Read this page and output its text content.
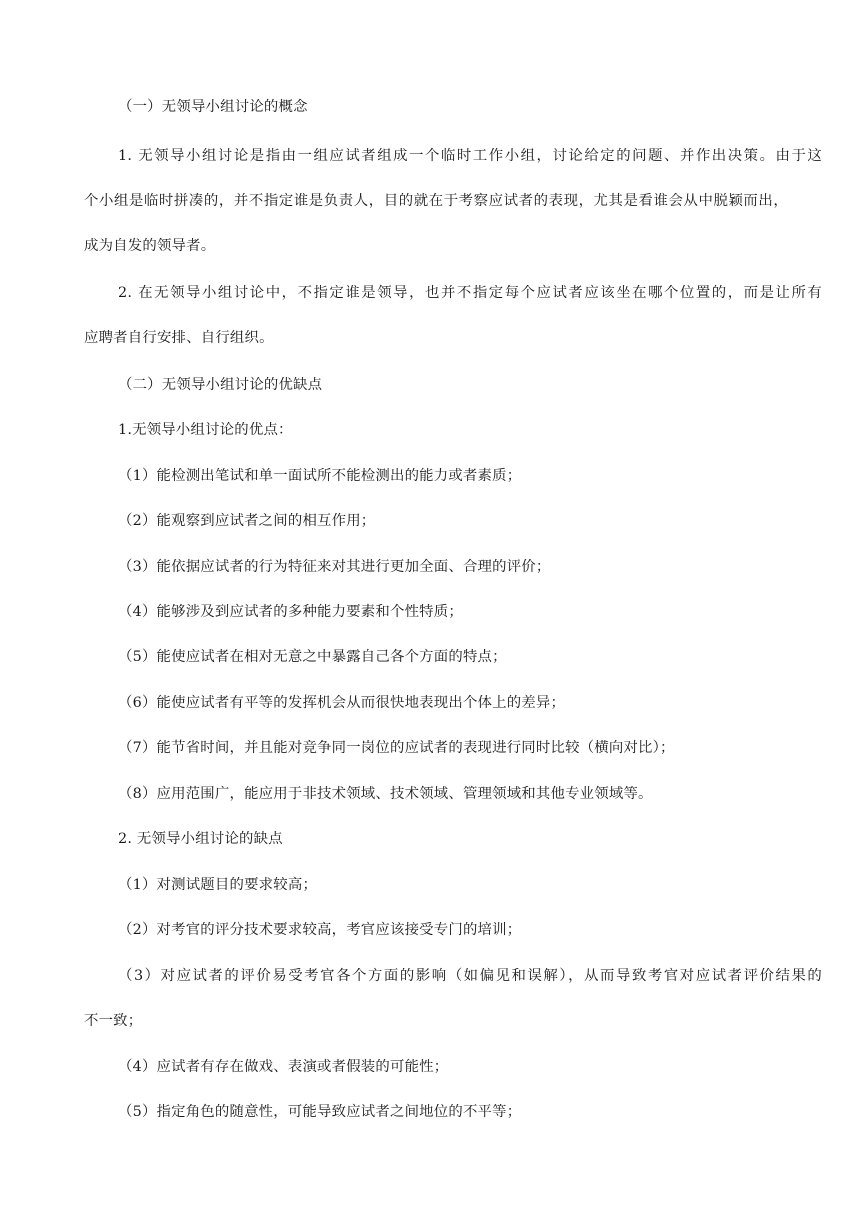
（一）无领导小组讨论的概念
1. 无领导小组讨论是指由一组应试者组成一个临时工作小组，讨论给定的问题、并作出决策。由于这
个小组是临时拼凑的，并不指定谁是负责人，目的就在于考察应试者的表现，尤其是看谁会从中脱颖而出，
成为自发的领导者。
2. 在无领导小组讨论中，不指定谁是领导，也并不指定每个应试者应该坐在哪个位置的，而是让所有
应聘者自行安排、自行组织。
（二）无领导小组讨论的优缺点
1.无领导小组讨论的优点：
（1）能检测出笔试和单一面试所不能检测出的能力或者素质；
（2）能观察到应试者之间的相互作用；
（3）能依据应试者的行为特征来对其进行更加全面、合理的评价；
（4）能够涉及到应试者的多种能力要素和个性特质；
（5）能使应试者在相对无意之中暴露自己各个方面的特点；
（6）能使应试者有平等的发挥机会从而很快地表现出个体上的差异；
（7）能节省时间，并且能对竞争同一岗位的应试者的表现进行同时比较（横向对比）；
（8）应用范围广，能应用于非技术领域、技术领域、管理领域和其他专业领域等。
2. 无领导小组讨论的缺点
（1）对测试题目的要求较高；
（2）对考官的评分技术要求较高，考官应该接受专门的培训；
（3）对应试者的评价易受考官各个方面的影响（如偏见和误解），从而导致考官对应试者评价结果的
不一致；
（4）应试者有存在做戏、表演或者假装的可能性；
（5）指定角色的随意性，可能导致应试者之间地位的不平等；
